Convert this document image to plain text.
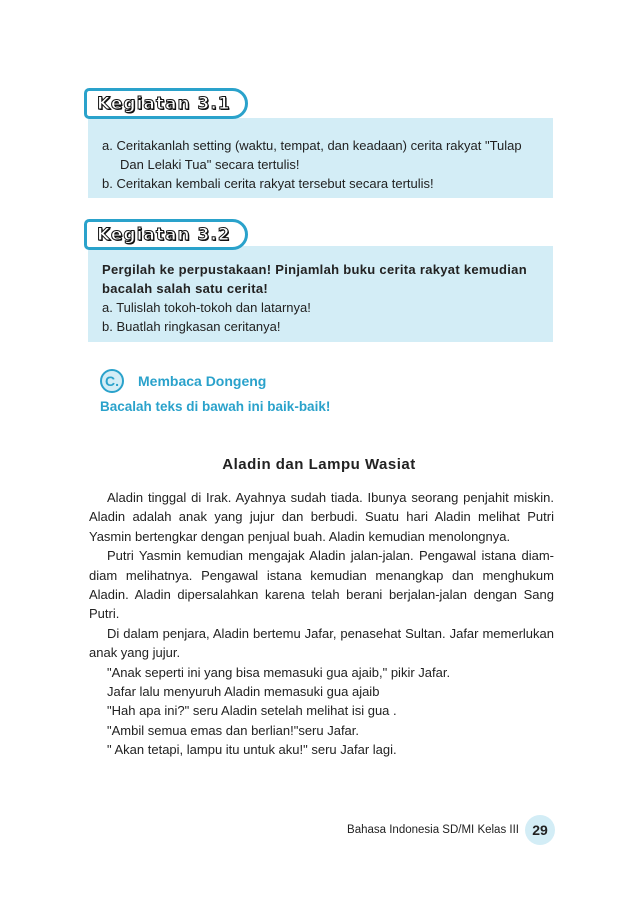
a. Ceritakanlah setting (waktu, tempat, dan keadaan) cerita rakyat "Tulap Dan Lelaki Tua" secara tertulis!
b. Ceritakan kembali cerita rakyat tersebut secara tertulis!
Kegiatan 3.1
Pergilah ke perpustakaan! Pinjamlah buku cerita rakyat kemudian bacalah salah satu cerita!
a. Tulislah tokoh-tokoh dan latarnya!
b. Buatlah ringkasan ceritanya!
Kegiatan 3.2
C.	Membaca Dongeng
Bacalah teks di bawah ini baik-baik!
Aladin dan Lampu Wasiat

Aladin tinggal di Irak. Ayahnya sudah tiada. Ibunya seorang penjahit miskin. Aladin adalah anak yang jujur dan berbudi. Suatu hari Aladin melihat Putri Yasmin bertengkar dengan penjual buah. Aladin kemudian menolongnya.

Putri Yasmin kemudian mengajak Aladin jalan-jalan. Pengawal istana diam-diam melihatnya. Pengawal istana kemudian menangkap dan menghukum Aladin. Aladin dipersalahkan karena telah berani berjalan-jalan dengan Sang Putri.

Di dalam penjara, Aladin bertemu Jafar, penasehat Sultan. Jafar memerlukan anak yang jujur.

"Anak seperti ini yang bisa memasuki gua ajaib," pikir Jafar.

Jafar lalu menyuruh Aladin memasuki gua ajaib

"Hah apa ini?" seru Aladin setelah melihat isi gua .

"Ambil semua emas dan berlian!"seru Jafar.

" Akan tetapi, lampu itu untuk aku!" seru Jafar lagi.

Bahasa Indonesia SD/MI Kelas III 29
